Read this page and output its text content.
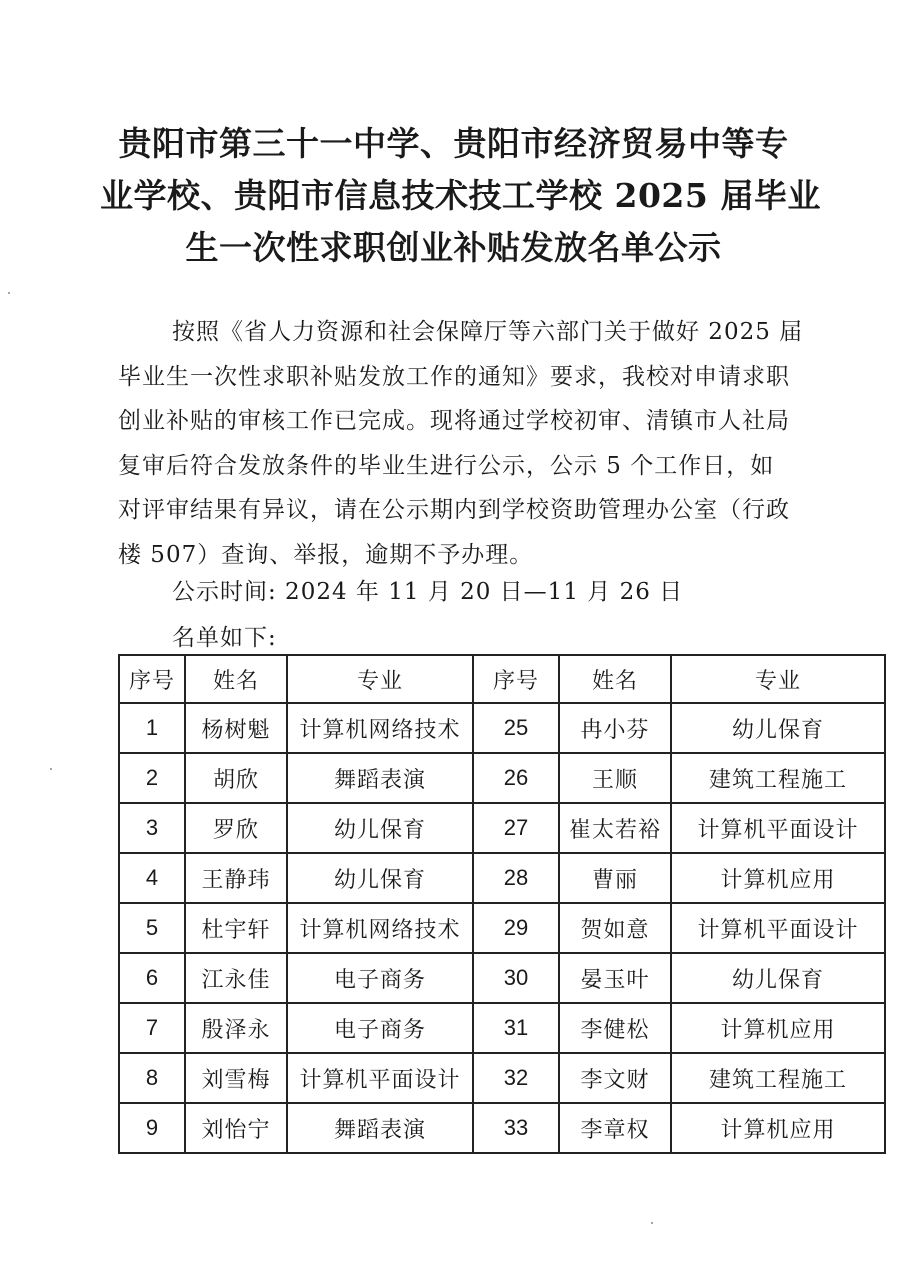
贵阳市第三十一中学、贵阳市经济贸易中等专
业学校、贵阳市信息技术技工学校 2025 届毕业
生一次性求职创业补贴发放名单公示
按照《省人力资源和社会保障厅等六部门关于做好 2025 届
毕业生一次性求职补贴发放工作的通知》要求，我校对申请求职
创业补贴的审核工作已完成。现将通过学校初审、清镇市人社局
复审后符合发放条件的毕业生进行公示，公示 5 个工作日，如
对评审结果有异议，请在公示期内到学校资助管理办公室（行政
楼 507）查询、举报，逾期不予办理。
公示时间: 2024 年 11 月 20 日—11 月 26 日
名单如下:
序号	姓名	专业	序号	姓名	专业
1	杨树魁	计算机网络技术	25	冉小芬	幼儿保育
2	胡欣	舞蹈表演	26	王顺	建筑工程施工
3	罗欣	幼儿保育	27	崔太若裕	计算机平面设计
4	王静玮	幼儿保育	28	曹丽	计算机应用
5	杜宇轩	计算机网络技术	29	贺如意	计算机平面设计
6	江永佳	电子商务	30	晏玉叶	幼儿保育
7	殷泽永	电子商务	31	李健松	计算机应用
8	刘雪梅	计算机平面设计	32	李文财	建筑工程施工
9	刘怡宁	舞蹈表演	33	李章权	计算机应用
